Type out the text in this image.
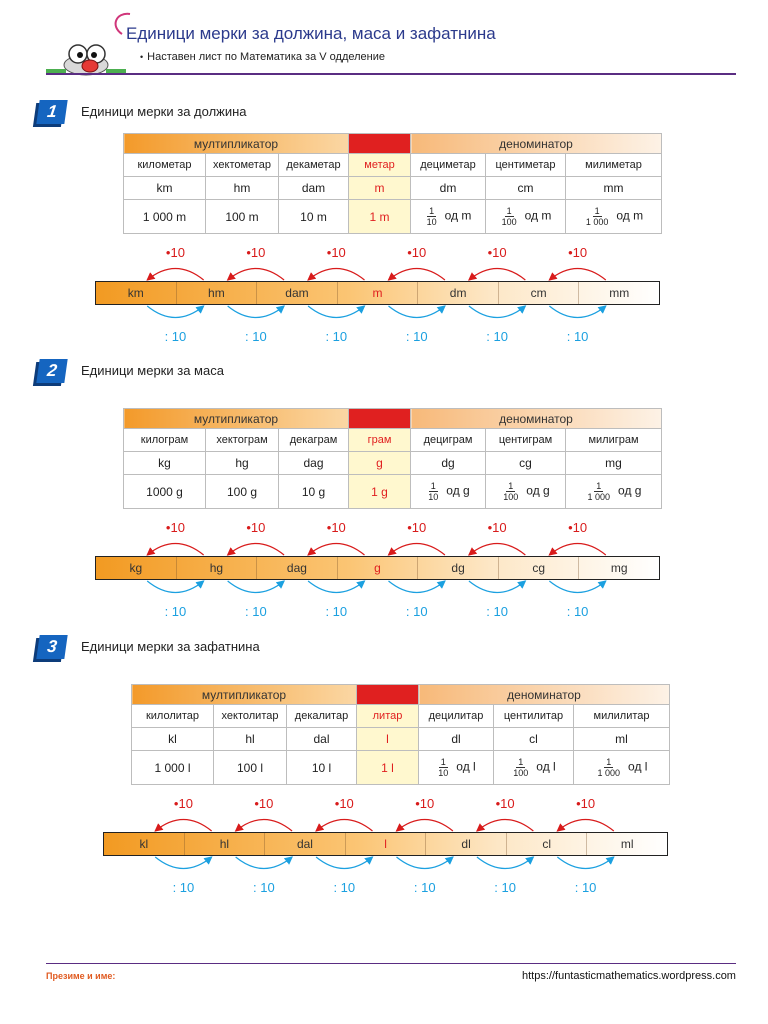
Единици мерки за должина, маса и зафатнина
• Наставен лист по Математика за V одделение
1	Единици мерки за должина
мултипликатор				деноминатор		
километар	хектометар	декаметар	метар	дециметар	центиметар	милиметар
km	hm	dam	m	dm	cm	mm
1 000 m	100 m	10 m	1 m	$\frac{1}{10}$ од m	$\frac{1}{100}$ од m	$\frac{1}{1 000}$ од m
km	hm	dam	m	dm	cm	mm
•10
: 10
•10
: 10
•10
: 10
•10
: 10
•10
: 10
•10
: 10
2	Единици мерки за маса
мултипликатор				деноминатор		
килограм	хектограм	декаграм	грам	дециграм	центиграм	милиграм
kg	hg	dag	g	dg	cg	mg
1000 g	100 g	10 g	1 g	$\frac{1}{10}$ од g	$\frac{1}{100}$ од g	$\frac{1}{1 000}$ од g
kg	hg	dag	g	dg	cg	mg
•10
: 10
•10
: 10
•10
: 10
•10
: 10
•10
: 10
•10
: 10
3	Единици мерки за зафатнина
мултипликатор				деноминатор		
килолитар	хектолитар	декалитар	литар	децилитар	центилитар	милилитар
kl	hl	dal	l	dl	cl	ml
1 000 l	100 l	10 l	1 l	$\frac{1}{10}$ од l	$\frac{1}{100}$ од l	$\frac{1}{1 000}$ од l
kl	hl	dal	l	dl	cl	ml
•10
: 10
•10
: 10
•10
: 10
•10
: 10
•10
: 10
•10
: 10
Презиме и име:	https://funtasticmathematics.wordpress.com
